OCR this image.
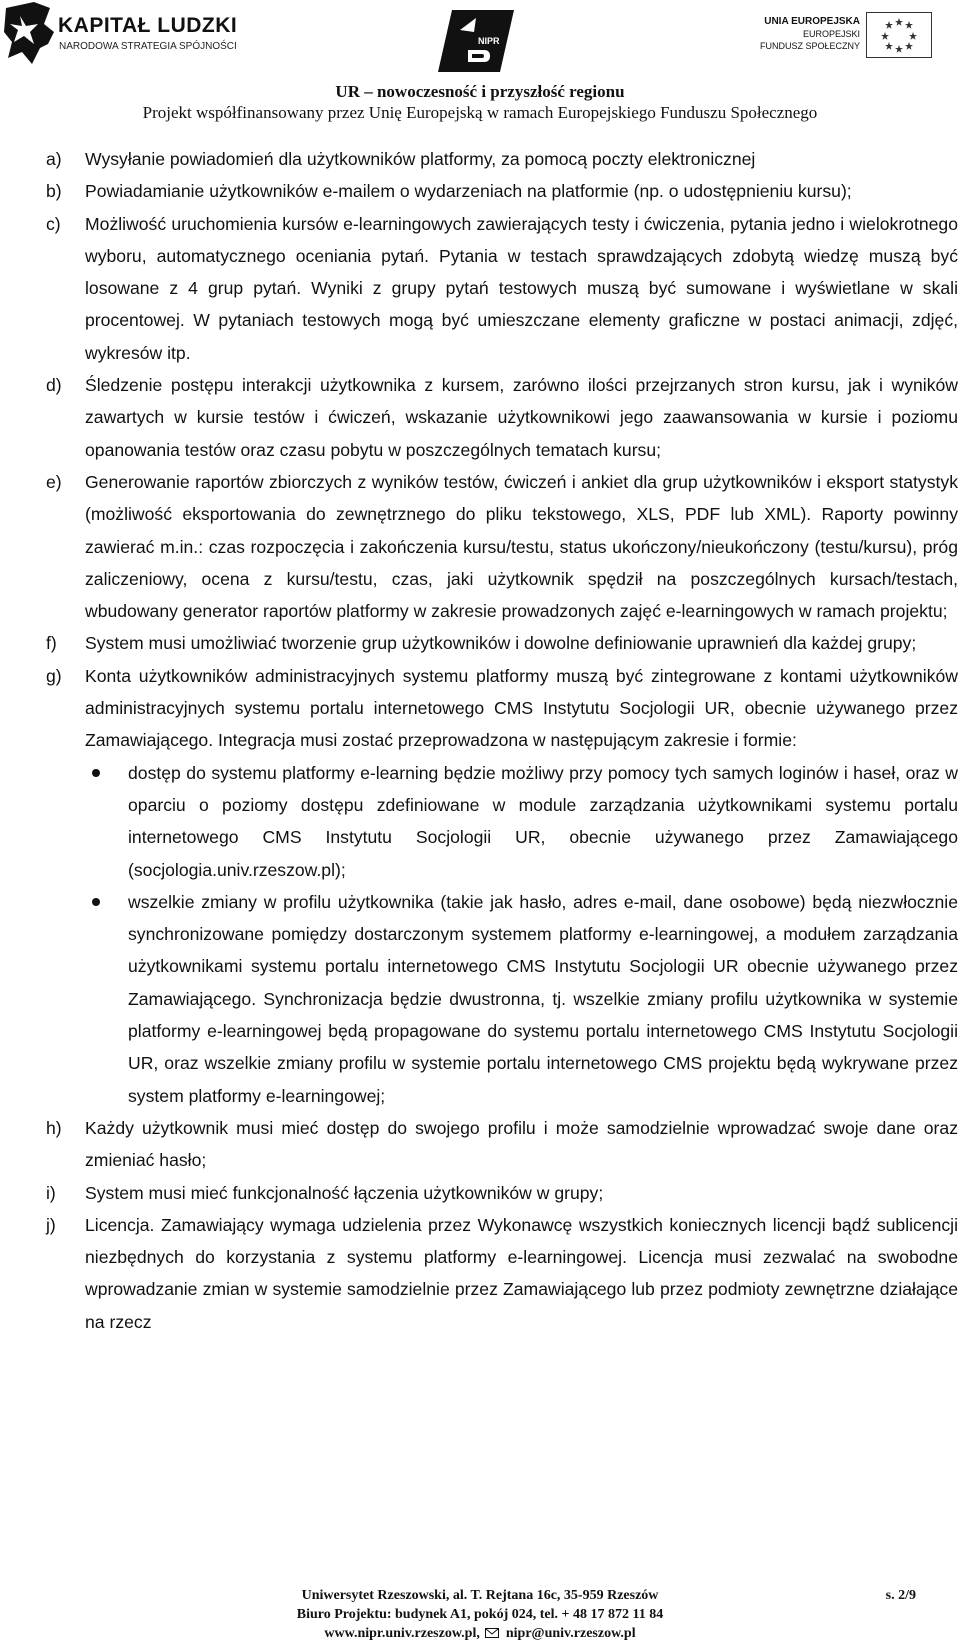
KAPITAŁ LUDZKI
NARODOWA STRATEGIA SPÓJNOŚCI	NIPR
UNIA EUROPEJSKA
EUROPEJSKI
FUNDUSZ SPOŁECZNY
UR – nowoczesność i przyszłość regionu
Projekt współfinansowany przez Unię Europejską w ramach Europejskiego Funduszu Społecznego
a) Wysyłanie powiadomień dla użytkowników platformy, za pomocą poczty elektronicznej
b) Powiadamianie użytkowników e-mailem o wydarzeniach na platformie (np. o udostępnieniu kursu);
c) Możliwość uruchomienia kursów e-learningowych zawierających testy i ćwiczenia, pytania jedno i wielokrotnego wyboru, automatycznego oceniania pytań. Pytania w testach sprawdzających zdobytą wiedzę muszą być losowane z 4 grup pytań. Wyniki z grupy pytań testowych muszą być sumowane i wyświetlane w skali procentowej. W pytaniach testowych mogą być umieszczane elementy graficzne w postaci animacji, zdjęć, wykresów itp.
d) Śledzenie postępu interakcji użytkownika z kursem, zarówno ilości przejrzanych stron kursu, jak i wyników zawartych w kursie testów i ćwiczeń, wskazanie użytkownikowi jego zaawansowania w kursie i poziomu opanowania testów oraz czasu pobytu w poszczególnych tematach kursu;
e) Generowanie raportów zbiorczych z wyników testów, ćwiczeń i ankiet dla grup użytkowników i eksport statystyk (możliwość eksportowania do zewnętrznego do pliku tekstowego, XLS, PDF lub XML). Raporty powinny zawierać m.in.: czas rozpoczęcia i zakończenia kursu/testu, status ukończony/nieukończony (testu/kursu), próg zaliczeniowy, ocena z kursu/testu, czas, jaki użytkownik spędził na poszczególnych kursach/testach, wbudowany generator raportów platformy w zakresie prowadzonych zajęć e-learningowych w ramach projektu;
f) System musi umożliwiać tworzenie grup użytkowników i dowolne definiowanie uprawnień dla każdej grupy;
g) Konta użytkowników administracyjnych systemu platformy muszą być zintegrowane z kontami użytkowników administracyjnych systemu portalu internetowego CMS Instytutu Socjologii UR, obecnie używanego przez Zamawiającego. Integracja musi zostać przeprowadzona w następującym zakresie i formie:
dostęp do systemu platformy e-learning będzie możliwy przy pomocy tych samych loginów i haseł, oraz w oparciu o poziomy dostępu zdefiniowane w module zarządzania użytkownikami systemu portalu internetowego CMS Instytutu Socjologii UR, obecnie używanego przez Zamawiającego (socjologia.univ.rzeszow.pl);
wszelkie zmiany w profilu użytkownika (takie jak hasło, adres e-mail, dane osobowe) będą niezwłocznie synchronizowane pomiędzy dostarczonym systemem platformy e-learningowej, a modułem zarządzania użytkownikami systemu portalu internetowego CMS Instytutu Socjologii UR obecnie używanego przez Zamawiającego. Synchronizacja będzie dwustronna, tj. wszelkie zmiany profilu użytkownika w systemie platformy e-learningowej będą propagowane do systemu portalu internetowego CMS Instytutu Socjologii UR, oraz wszelkie zmiany profilu w systemie portalu internetowego CMS projektu będą wykrywane przez system platformy e-learningowej;
h) Każdy użytkownik musi mieć dostęp do swojego profilu i może samodzielnie wprowadzać swoje dane oraz zmieniać hasło;
i) System musi mieć funkcjonalność łączenia użytkowników w grupy;
j) Licencja. Zamawiający wymaga udzielenia przez Wykonawcę wszystkich koniecznych licencji bądź sublicencji niezbędnych do korzystania z systemu platformy e-learningowej. Licencja musi zezwalać na swobodne wprowadzanie zmian w systemie samodzielnie przez Zamawiającego lub przez podmioty zewnętrzne działające na rzecz
Uniwersytet Rzeszowski, al. T. Rejtana 16c, 35-959 Rzeszów	s. 2/9
Biuro Projektu: budynek A1, pokój 024, tel. + 48 17 872 11 84
www.nipr.univ.rzeszow.pl, nipr@univ.rzeszow.pl
